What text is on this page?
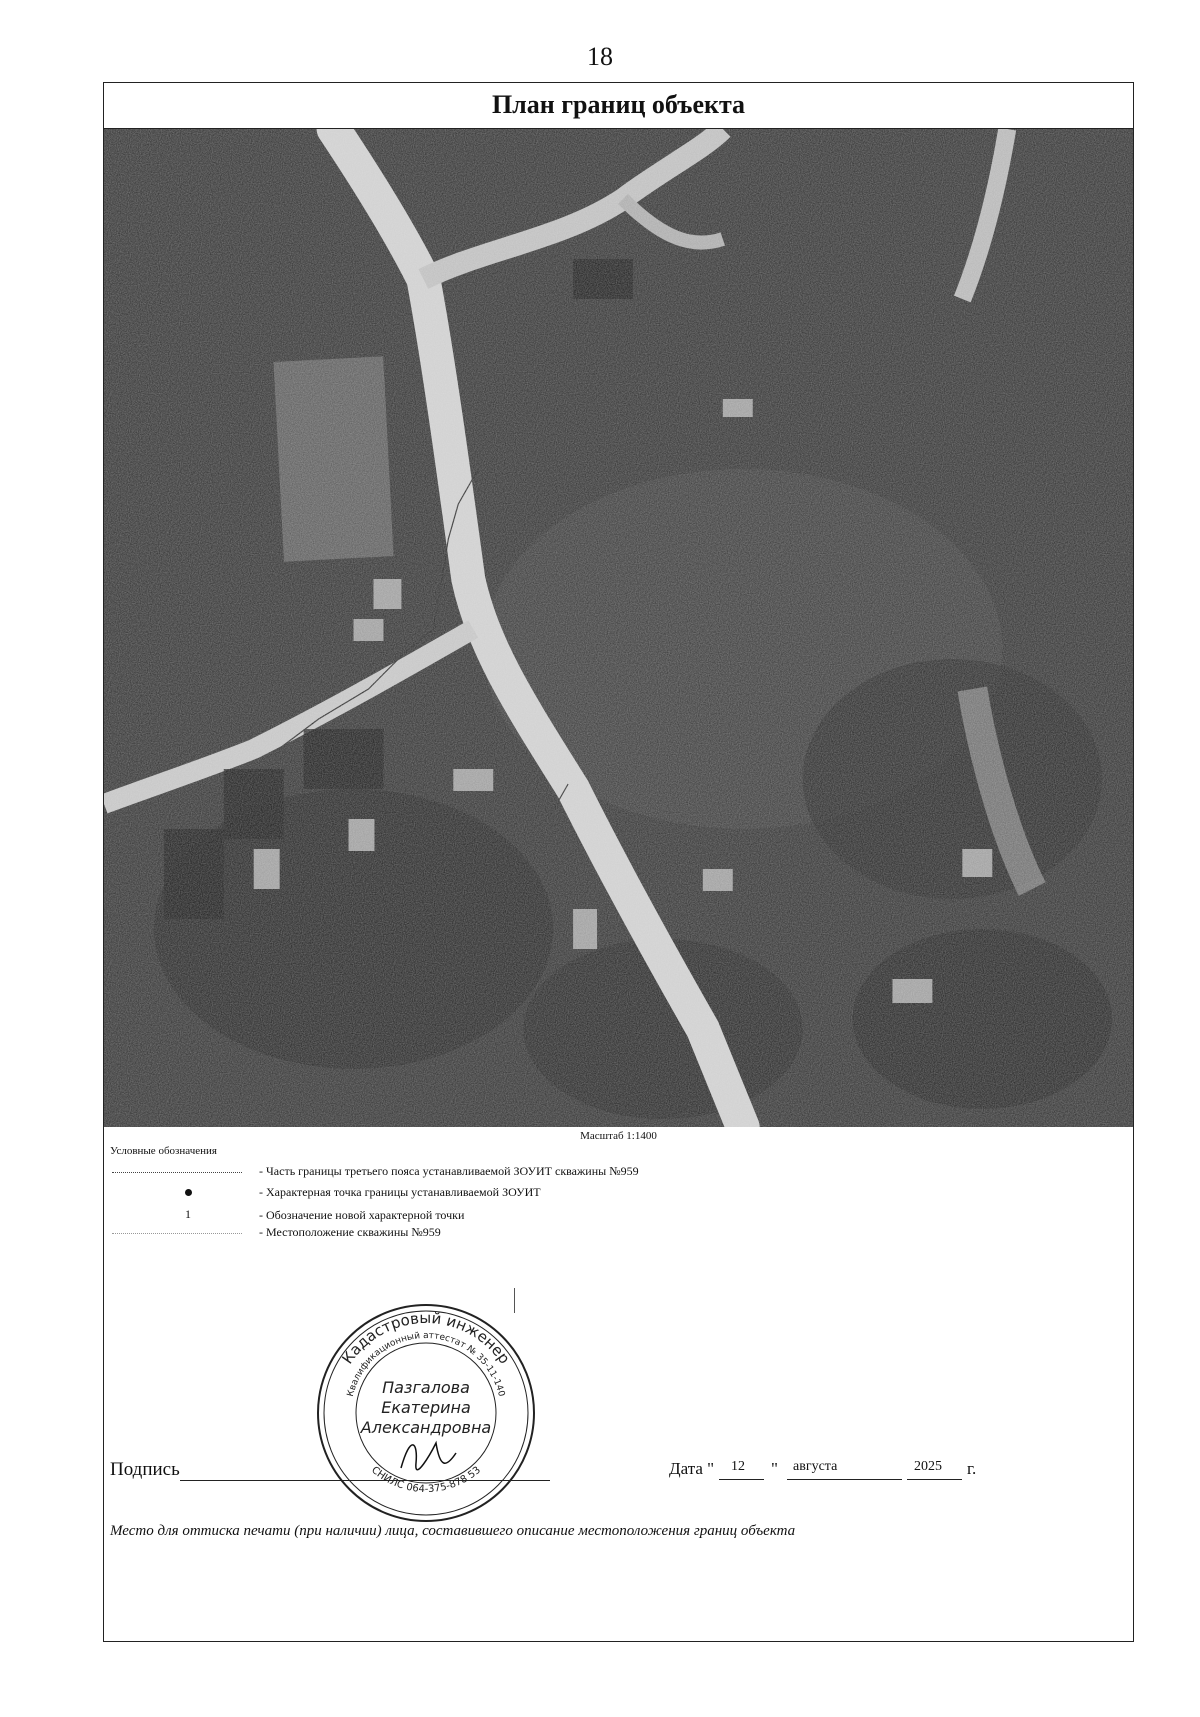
18
План границ объекта
Масштаб 1:1400
Условные обозначения
- Часть границы третьего пояса устанавливаемой ЗОУИТ скважины №959
- Характерная точка границы устанавливаемой ЗОУИТ
1	- Обозначение новой характерной точки
- Местоположение скважины №959
Кадастровый инженер
Квалификационный аттестат № 35-11-140
СНИЛС 064-375-878 53
Пазгалова
Екатерина
Александровна
Подпись	Дата " 12 " августа	2025 г.
Место для оттиска печати (при наличии) лица, составившего описание местоположения границ объекта
